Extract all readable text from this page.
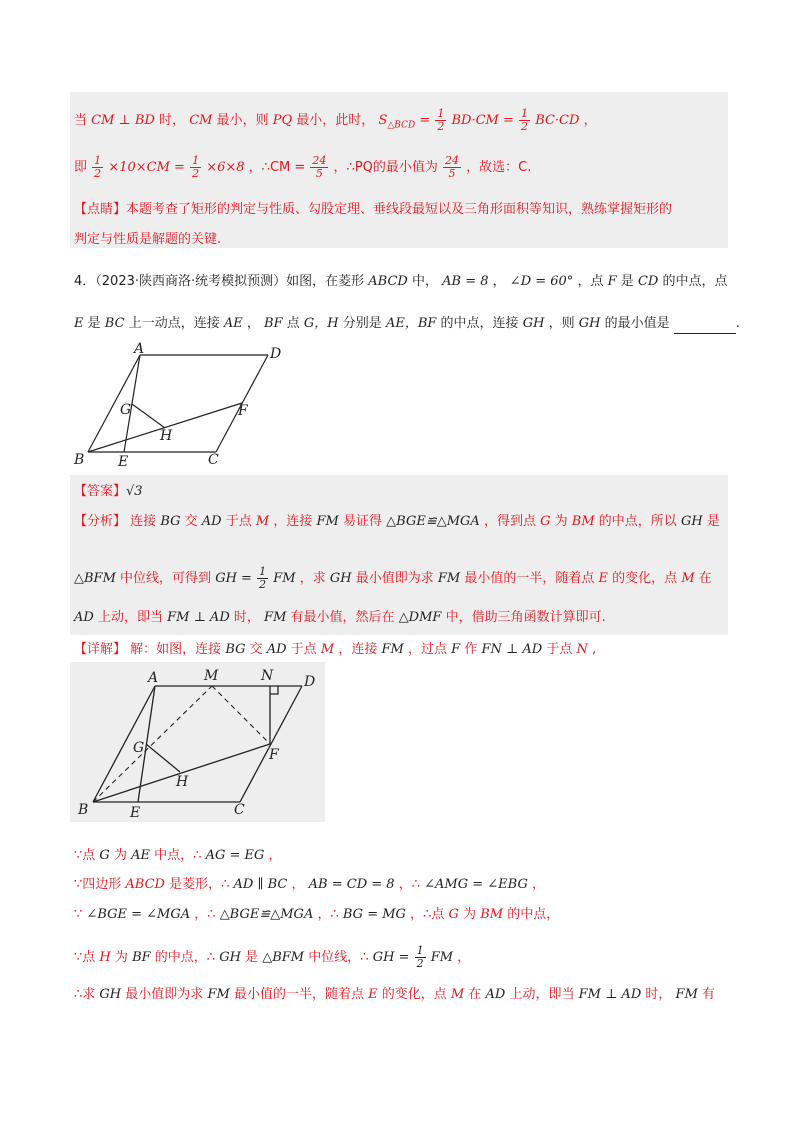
当 CM ⊥ BD 时， CM 最小，则 PQ 最小，此时， $S_{\triangle BCD} = \frac{1}{2} BD\cdot CM = \frac{1}{2} BC\cdot CD$ ，
即 $\frac{1}{2} \times 10\times CM = \frac{1}{2} \times 6\times 8$ ，∴CM = $\frac{24}{5}$ ，∴PQ的最小值为 $\frac{24}{5}$ ，故选：C.
【点睛】本题考查了矩形的判定与性质、勾股定理、垂线段最短以及三角形面积等知识，熟练掌握矩形的
判定与性质是解题的关键.
4．（2023·陕西商洛·统考模拟预测）如图，在菱形 ABCD 中， AB = 8 ， ∠D = 60° ，点 F 是 CD 的中点，点
E 是 BC 上一动点，连接 AE ， BF 点 G，H 分别是 AE，BF 的中点，连接 GH ，则 GH 的最小值是	.
A	D
B E	C
F
G
H
【答案】√3
【分析】 连接 BG 交 AD 于点 M ，连接 FM 易证得 △BGE≌△MGA ，得到点 G 为 BM 的中点，所以 GH 是
△BFM 中位线，可得到 GH = $\frac{1}{2}$ FM ，求 GH 最小值即为求 FM 最小值的一半，随着点 E 的变化，点 M 在
AD 上动，即当 FM ⊥ AD 时， FM 有最小值，然后在 △DMF 中，借助三角函数计算即可.
【详解】 解：如图，连接 BG 交 AD 于点 M ，连接 FM ，过点 F 作 FN ⊥ AD 于点 N ,
A	M	N D
B	E	C
F
G
H
∵点 G 为 AE 中点，∴ AG = EG ，
∵四边形 ABCD 是菱形，∴ AD ∥ BC ， AB = CD = 8 ，∴ ∠AMG = ∠EBG ，
∵ ∠BGE = ∠MGA ，∴ △BGE≌△MGA ，∴ BG = MG ，∴点 G 为 BM 的中点，
∵点 H 为 BF 的中点，∴ GH 是 △BFM 中位线，∴ GH = $\frac{1}{2}$ FM ，
∴求 GH 最小值即为求 FM 最小值的一半，随着点 E 的变化，点 M 在 AD 上动，即当 FM ⊥ AD 时， FM 有
